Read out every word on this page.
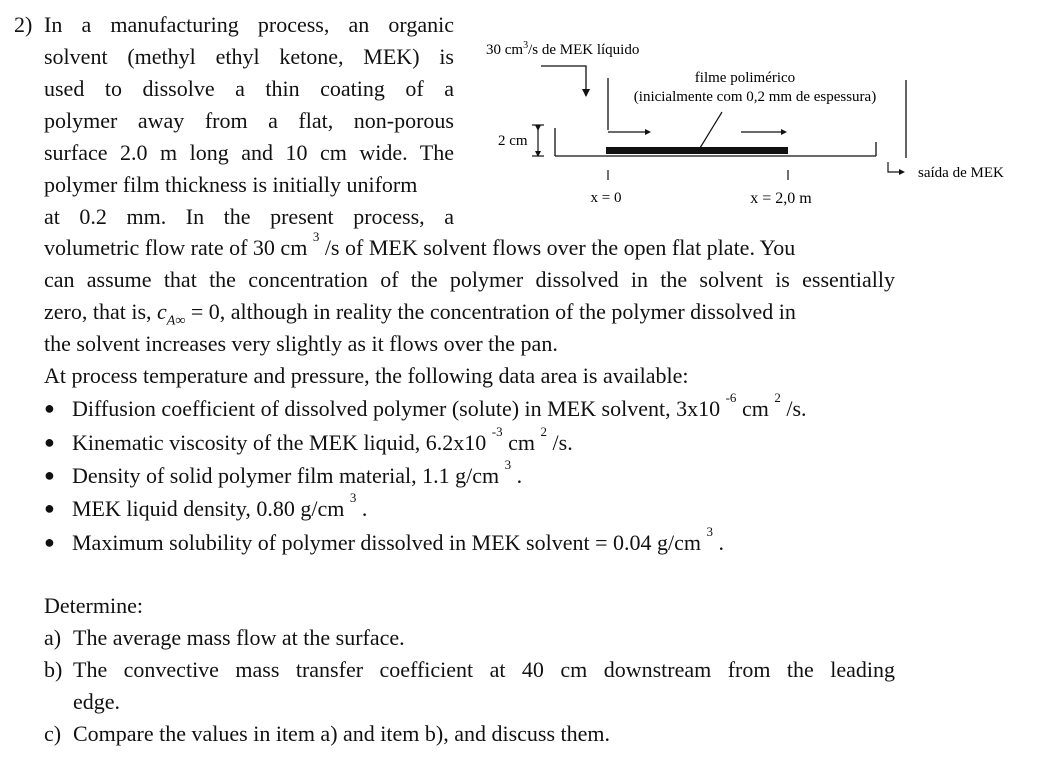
2) In a manufacturing process, an organic
solvent (methyl ethyl ketone, MEK) is
used to dissolve a thin coating of a
polymer away from a flat, non-porous
surface 2.0 m long and 10 cm wide. The
polymer film thickness is initially uniform
at 0.2 mm. In the present process, a
volumetric flow rate of 30 cm $^3$ /s of MEK solvent flows over the open flat plate. You
can assume that the concentration of the polymer dissolved in the solvent is essentially
zero, that is, $c_{A\infty} = 0$, although in reality the concentration of the polymer dissolved in
the solvent increases very slightly as it flows over the pan.
At process temperature and pressure, the following data area is available:
● Diffusion coefficient of dissolved polymer (solute) in MEK solvent, 3x10 $^{-6}$ cm $^2$ /s.
● Kinematic viscosity of the MEK liquid, 6.2x10 $^{-3}$ cm $^2$ /s.
● Density of solid polymer film material, 1.1 g/cm $^3$ .
● MEK liquid density, 0.80 g/cm $^3$ .
● Maximum solubility of polymer dissolved in MEK solvent = 0.04 g/cm $^3$ .
Determine:
a) The average mass flow at the surface.
b) The convective mass transfer coefficient at 40 cm downstream from the leading
edge.
c) Compare the values in item a) and item b), and discuss them.
30 $cm^3/s$ de MEK líquido
filme polimérico
(inicialmente com 0,2 mm de espessura)
2 cm
x = 0	x = 2,0 m
saída de MEK
